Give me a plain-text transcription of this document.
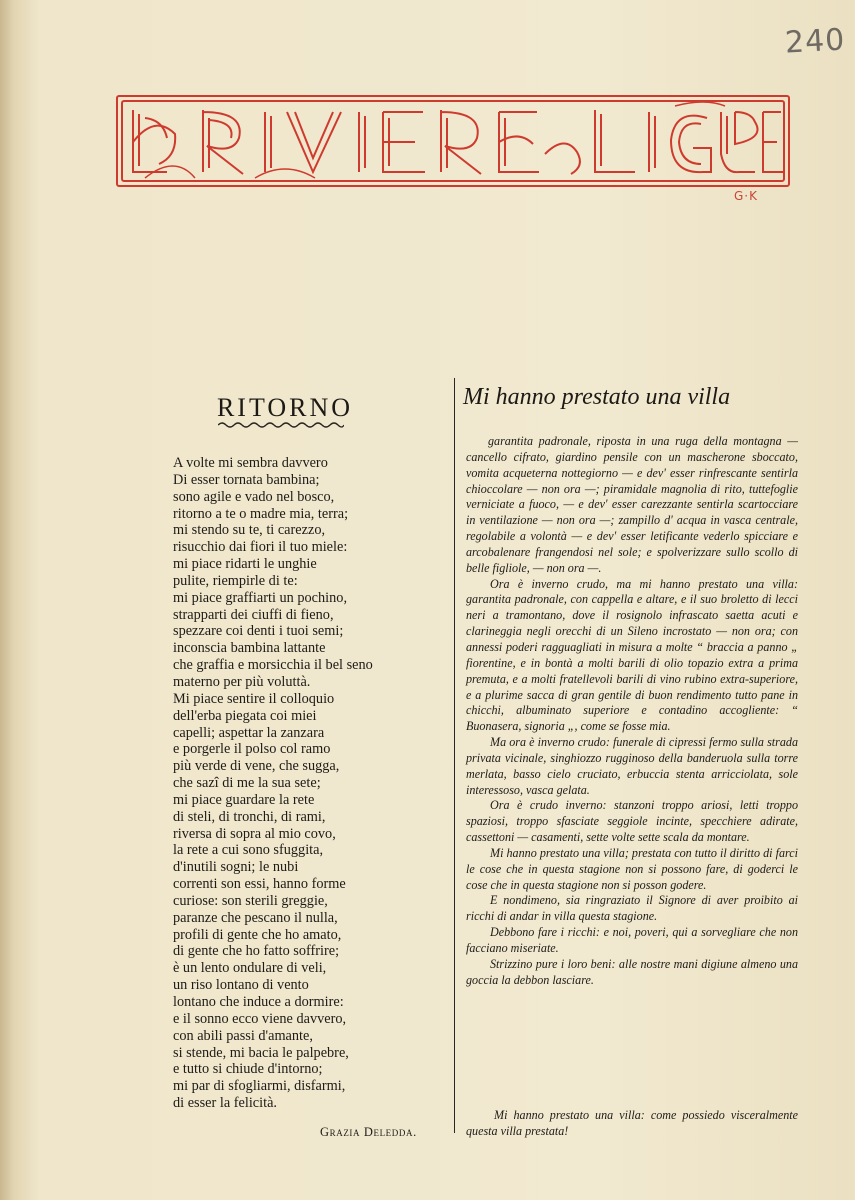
240
G·K
RITORNO
A volte mi sembra davvero
Di esser tornata bambina;
sono agile e vado nel bosco,
ritorno a te o madre mia, terra;
mi stendo su te, ti carezzo,
risucchio dai fiori il tuo miele:
mi piace ridarti le unghie
pulite, riempirle di te:
mi piace graffiarti un pochino,
strapparti dei ciuffi di fieno,
spezzare coi denti i tuoi semi;
inconscia bambina lattante
che graffia e morsicchia il bel seno
materno per più voluttà.
Mi piace sentire il colloquio
dell'erba piegata coi miei
capelli; aspettar la zanzara
e porgerle il polso col ramo
più verde di vene, che sugga,
che sazî di me la sua sete;
mi piace guardare la rete
di steli, di tronchi, di rami,
riversa di sopra al mio covo,
la rete a cui sono sfuggita,
d'inutili sogni; le nubi
correnti son essi, hanno forme
curiose: son sterili greggie,
paranze che pescano il nulla,
profili di gente che ho amato,
di gente che ho fatto soffrire;
è un lento ondulare di veli,
un riso lontano di vento
lontano che induce a dormire:
e il sonno ecco viene davvero,
con abili passi d'amante,
si stende, mi bacia le palpebre,
e tutto si chiude d'intorno;
mi par di sfogliarmi, disfarmi,
di esser la felicità.
Grazia Deledda.
Mi hanno prestato una villa

garantita padronale, riposta in una ruga della montagna — cancello cifrato, giardino pensile con un mascherone sboccato, vomita acqueterna nottegiorno — e dev' esser rinfrescante sentirla chioccolare — non ora —; piramidale magnolia di rito, tuttefoglie verniciate a fuoco, — e dev' esser carezzante sentirla scartocciare in ventilazione — non ora —; zampillo d' acqua in vasca centrale, regolabile a volontà — e dev' esser letificante vederlo spicciare e arcobalenare frangendosi nel sole; e spolverizzare sullo scollo di belle figliole, — non ora —.

Ora è inverno crudo, ma mi hanno prestato una villa: garantita padronale, con cappella e altare, e il suo broletto di lecci neri a tramontano, dove il rosignolo infrascato saetta acuti e clarineggia negli orecchi di un Sileno incrostato — non ora; con annessi poderi ragguagliati in misura a molte “ braccia a panno „ fiorentine, e in bontà a molti barili di olio topazio extra a prima premuta, e a molti fratellevoli barili di vino rubino extra-superiore, e a plurime sacca di gran gentile di buon rendimento tutto pane in chicchi, albuminato superiore e contadino accogliente: “ Buonasera, signoria „, come se fosse mia.

Ma ora è inverno crudo: funerale di cipressi fermo sulla strada privata vicinale, singhiozzo rugginoso della banderuola sulla torre merlata, basso cielo cruciato, erbuccia stenta arricciolata, sole interessoso, vasca gelata.

Ora è crudo inverno: stanzoni troppo ariosi, letti troppo spaziosi, troppo sfasciate seggiole incinte, specchiere adirate, cassettoni — casamenti, sette volte sette scala da montare.

Mi hanno prestato una villa; prestata con tutto il diritto di farci le cose che in questa stagione non si possono fare, di goderci le cose che in questa stagione non si posson godere.

E nondimeno, sia ringraziato il Signore di aver proibito ai ricchi di andar in villa questa stagione.

Debbono fare i ricchi: e noi, poveri, qui a sorvegliare che non facciano miseriate.

Strizzino pure i loro beni: alle nostre mani digiune almeno una goccia la debbon lasciare.

Mi hanno prestato una villa: come possiedo visceralmente questa villa prestata!
